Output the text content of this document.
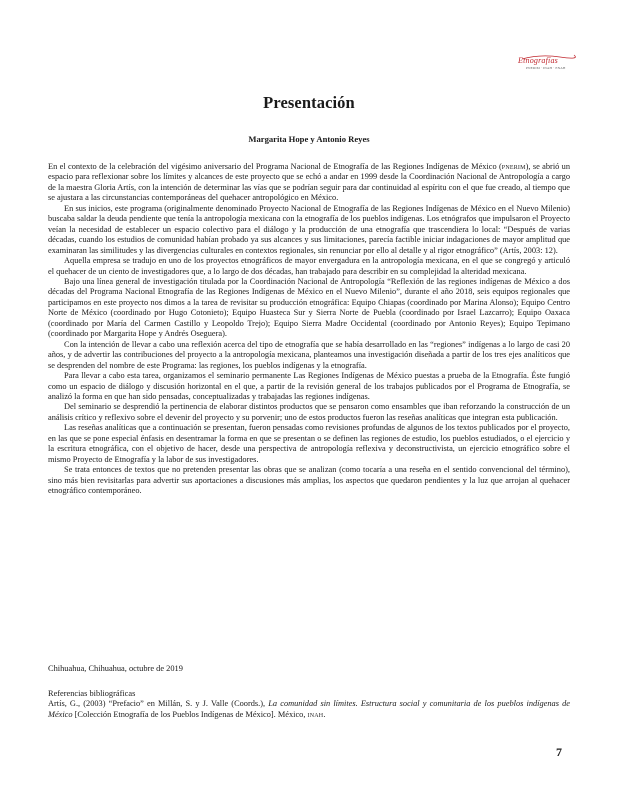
Etnografías
PNERIM · INAH · ENAH
Presentación
Margarita Hope y Antonio Reyes

En el contexto de la celebración del vigésimo aniversario del Programa Nacional de Etnografía de las Regiones Indígenas de México (pnerim), se abrió un espacio para reflexionar sobre los límites y alcances de este proyecto que se echó a andar en 1999 desde la Coordinación Nacional de Antropología a cargo de la maestra Gloria Artís, con la intención de determinar las vías que se podrían seguir para dar continuidad al espíritu con el que fue creado, al tiempo que se ajustara a las circunstancias contemporáneas del quehacer antropológico en México.

En sus inicios, este programa (originalmente denominado Proyecto Nacional de Etnografía de las Regiones Indígenas de México en el Nuevo Milenio) buscaba saldar la deuda pendiente que tenía la antropología mexicana con la etnografía de los pueblos indígenas. Los etnógrafos que impulsaron el Proyecto veían la necesidad de establecer un espacio colectivo para el diálogo y la producción de una etnografía que trascendiera lo local: “Después de varias décadas, cuando los estudios de comunidad habían probado ya sus alcances y sus limitaciones, parecía factible iniciar indagaciones de mayor amplitud que examinaran las similitudes y las divergencias culturales en contextos regionales, sin renunciar por ello al detalle y al rigor etnográfico” (Artís, 2003: 12).

Aquella empresa se tradujo en uno de los proyectos etnográficos de mayor envergadura en la antropología mexicana, en el que se congregó y articuló el quehacer de un ciento de investigadores que, a lo largo de dos décadas, han trabajado para describir en su complejidad la alteridad mexicana.

Bajo una línea general de investigación titulada por la Coordinación Nacional de Antropología “Reflexión de las regiones indígenas de México a dos décadas del Programa Nacional Etnografía de las Regiones Indígenas de México en el Nuevo Milenio”, durante el año 2018, seis equipos regionales que participamos en este proyecto nos dimos a la tarea de revisitar su producción etnográfica: Equipo Chiapas (coordinado por Marina Alonso); Equipo Centro Norte de México (coordinado por Hugo Cotonieto); Equipo Huasteca Sur y Sierra Norte de Puebla (coordinado por Israel Lazcarro); Equipo Oaxaca (coordinado por María del Carmen Castillo y Leopoldo Trejo); Equipo Sierra Madre Occidental (coordinado por Antonio Reyes); Equipo Tepimano (coordinado por Margarita Hope y Andrés Oseguera).

Con la intención de llevar a cabo una reflexión acerca del tipo de etnografía que se había desarrollado en las “regiones” indígenas a lo largo de casi 20 años, y de advertir las contribuciones del proyecto a la antropología mexicana, planteamos una investigación diseñada a partir de los tres ejes analíticos que se desprenden del nombre de este Programa: las regiones, los pueblos indígenas y la etnografía.

Para llevar a cabo esta tarea, organizamos el seminario permanente Las Regiones Indígenas de México puestas a prueba de la Etnografía. Éste fungió como un espacio de diálogo y discusión horizontal en el que, a partir de la revisión general de los trabajos publicados por el Programa de Etnografía, se analizó la forma en que han sido pensadas, conceptualizadas y trabajadas las regiones indígenas.

Del seminario se desprendió la pertinencia de elaborar distintos productos que se pensaron como ensambles que iban reforzando la construcción de un análisis crítico y reflexivo sobre el devenir del proyecto y su porvenir; uno de estos productos fueron las reseñas analíticas que integran esta publicación.

Las reseñas analíticas que a continuación se presentan, fueron pensadas como revisiones profundas de algunos de los textos publicados por el proyecto, en las que se pone especial énfasis en desentramar la forma en que se presentan o se definen las regiones de estudio, los pueblos estudiados, o el ejercicio y la escritura etnográfica, con el objetivo de hacer, desde una perspectiva de antropología reflexiva y deconstructivista, un ejercicio etnográfico sobre el mismo Proyecto de Etnografía y la labor de sus investigadores.

Se trata entonces de textos que no pretenden presentar las obras que se analizan (como tocaría a una reseña en el sentido convencional del término), sino más bien revisitarlas para advertir sus aportaciones a discusiones más amplias, los aspectos que quedaron pendientes y la luz que arrojan al quehacer etnográfico contemporáneo.

Chihuahua, Chihuahua, octubre de 2019

Referencias bibliográficas

Artís, G., (2003) “Prefacio” en Millán, S. y J. Valle (Coords.), La comunidad sin límites. Estructura social y comunitaria de los pueblos indígenas de México [Colección Etnografía de los Pueblos Indígenas de México]. México, inah.

7
